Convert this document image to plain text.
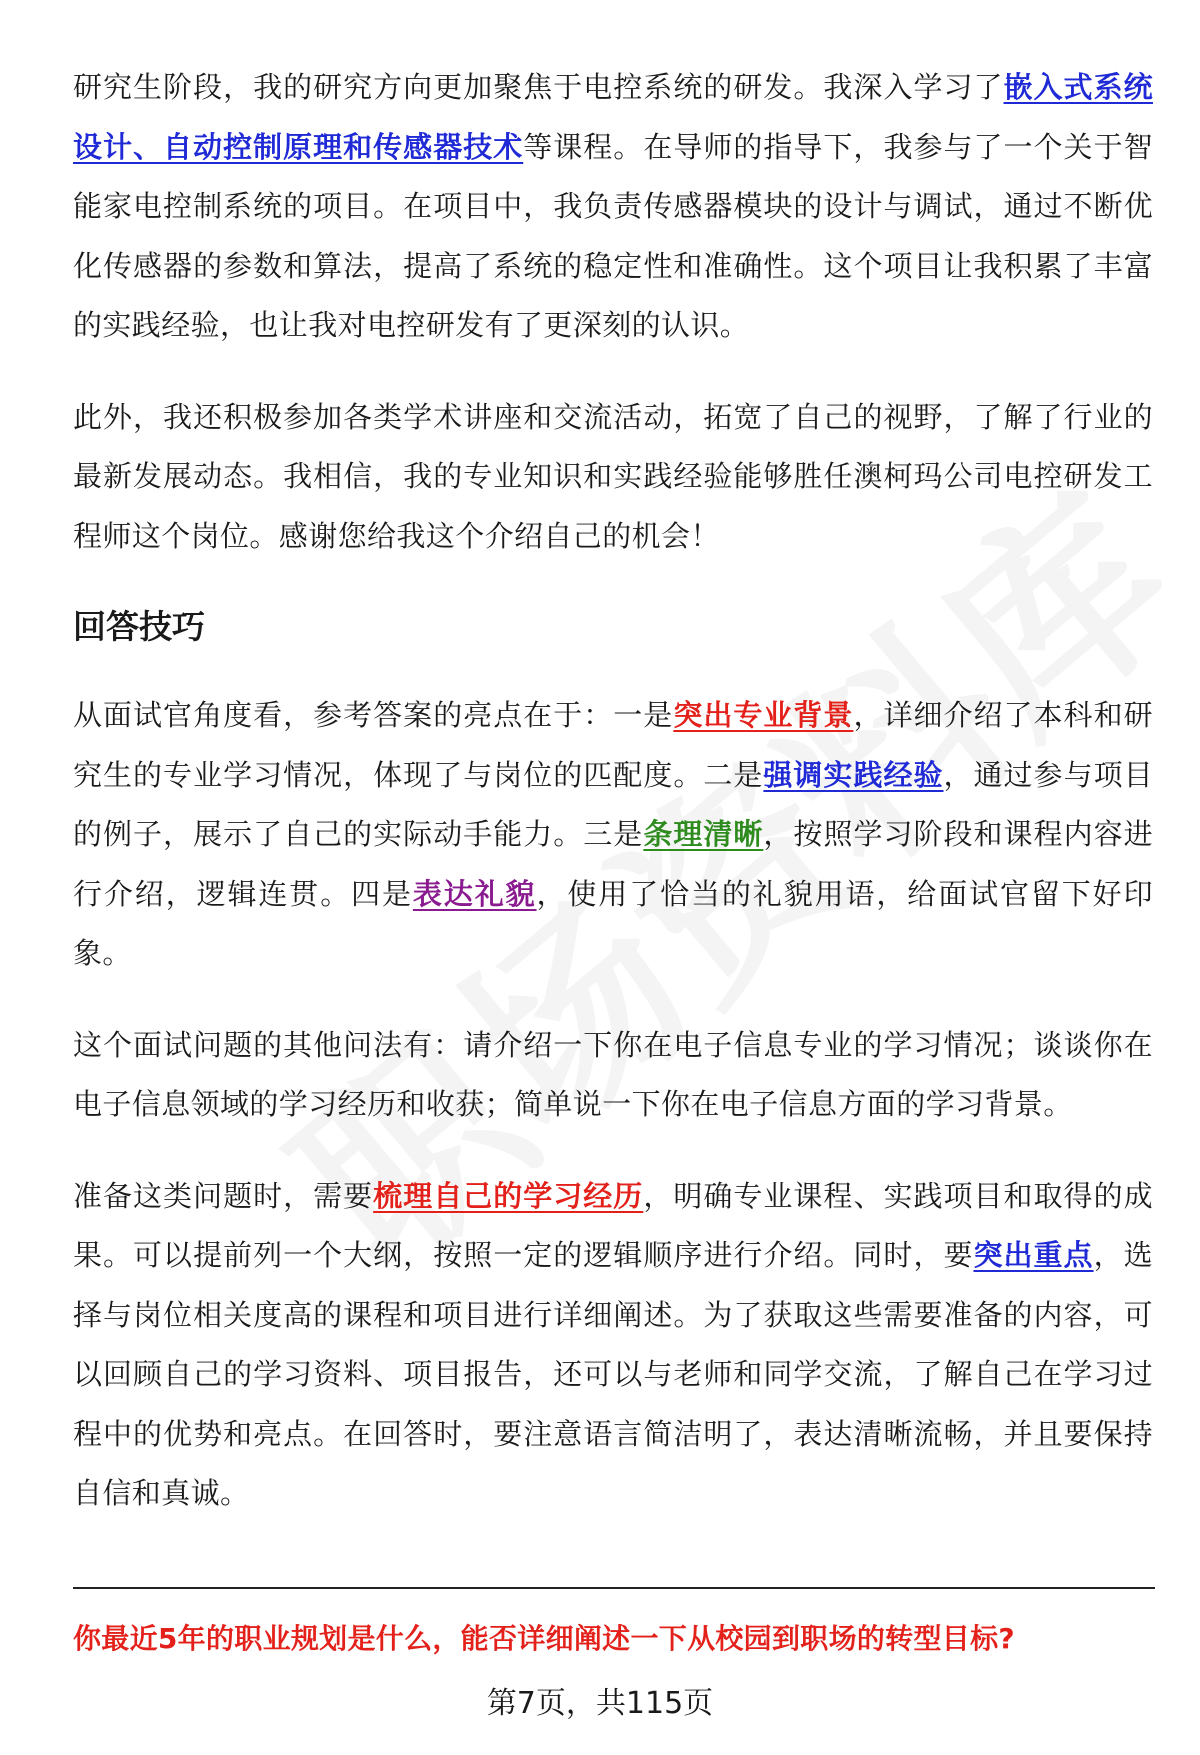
研究生阶段，我的研究方向更加聚焦于电控系统的研发。我深入学习了嵌入式系统设计、自动控制原理和传感器技术等课程。在导师的指导下，我参与了一个关于智能家电控制系统的项目。在项目中，我负责传感器模块的设计与调试，通过不断优化传感器的参数和算法，提高了系统的稳定性和准确性。这个项目让我积累了丰富的实践经验，也让我对电控研发有了更深刻的认识。

此外，我还积极参加各类学术讲座和交流活动，拓宽了自己的视野，了解了行业的最新发展动态。我相信，我的专业知识和实践经验能够胜任澳柯玛公司电控研发工程师这个岗位。感谢您给我这个介绍自己的机会！

回答技巧

从面试官角度看，参考答案的亮点在于：一是突出专业背景，详细介绍了本科和研究生的专业学习情况，体现了与岗位的匹配度。二是强调实践经验，通过参与项目的例子，展示了自己的实际动手能力。三是条理清晰，按照学习阶段和课程内容进行介绍，逻辑连贯。四是表达礼貌，使用了恰当的礼貌用语，给面试官留下好印象。

这个面试问题的其他问法有：请介绍一下你在电子信息专业的学习情况；谈谈你在电子信息领域的学习经历和收获；简单说一下你在电子信息方面的学习背景。

准备这类问题时，需要梳理自己的学习经历，明确专业课程、实践项目和取得的成果。可以提前列一个大纲，按照一定的逻辑顺序进行介绍。同时，要突出重点，选择与岗位相关度高的课程和项目进行详细阐述。为了获取这些需要准备的内容，可以回顾自己的学习资料、项目报告，还可以与老师和同学交流，了解自己在学习过程中的优势和亮点。在回答时，要注意语言简洁明了，表达清晰流畅，并且要保持自信和真诚。

你最近5年的职业规划是什么，能否详细阐述一下从校园到职场的转型目标?
第7页，共115页
